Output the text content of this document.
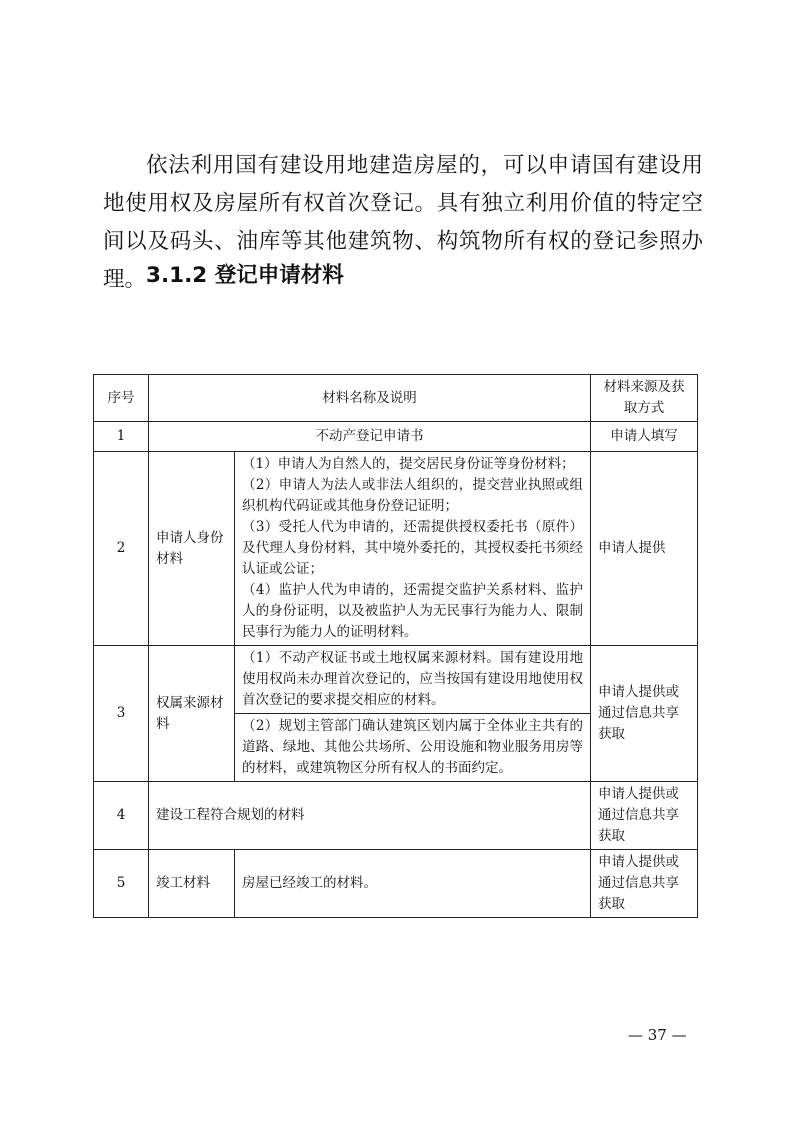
依法利用国有建设用地建造房屋的，可以申请国有建设用地使用权及房屋所有权首次登记。具有独立利用价值的特定空间以及码头、油库等其他建筑物、构筑物所有权的登记参照办理。 3.1.2 登记申请材料
序号	材料名称及说明		材料来源及获取方式
1	不动产登记申请书		申请人填写
2	申请人身份材料	（1）申请人为自然人的，提交居民身份证等身份材料；
（2）申请人为法人或非法人组织的，提交营业执照或组织机构代码证或其他身份登记证明；
（3）受托人代为申请的，还需提供授权委托书（原件）及代理人身份材料，其中境外委托的，其授权委托书须经认证或公证；
（4）监护人代为申请的，还需提交监护关系材料、监护人的身份证明，以及被监护人为无民事行为能力人、限制民事行为能力人的证明材料。	申请人提供
3	权属来源材料	（1）不动产权证书或土地权属来源材料。国有建设用地使用权尚未办理首次登记的，应当按国有建设用地使用权首次登记的要求提交相应的材料。	申请人提供或通过信息共享获取
		（2）规划主管部门确认建筑区划内属于全体业主共有的道路、绿地、其他公共场所、公用设施和物业服务用房等的材料，或建筑物区分所有权人的书面约定。	
4	建设工程符合规划的材料		申请人提供或通过信息共享获取
5	竣工材料	房屋已经竣工的材料。	申请人提供或通过信息共享获取
— 37 —
